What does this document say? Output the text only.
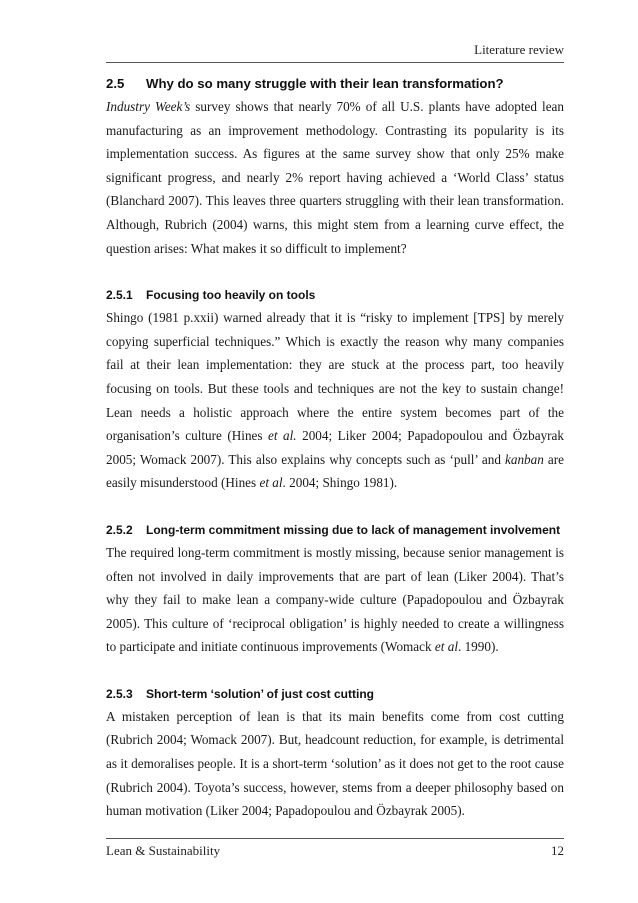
Literature review
2.5	Why do so many struggle with their lean transformation?

Industry Week’s survey shows that nearly 70% of all U.S. plants have adopted lean manufacturing as an improvement methodology. Contrasting its popularity is its implementation success. As figures at the same survey show that only 25% make significant progress, and nearly 2% report having achieved a ‘World Class’ status (Blanchard 2007). This leaves three quarters struggling with their lean transformation. Although, Rubrich (2004) warns, this might stem from a learning curve effect, the question arises: What makes it so difficult to implement?

2.5.1	Focusing too heavily on tools

Shingo (1981 p.xxii) warned already that it is “risky to implement [TPS] by merely copying superficial techniques.” Which is exactly the reason why many companies fail at their lean implementation: they are stuck at the process part, too heavily focusing on tools. But these tools and techniques are not the key to sustain change! Lean needs a holistic approach where the entire system becomes part of the organisation’s culture (Hines et al. 2004; Liker 2004; Papadopoulou and Özbayrak 2005; Womack 2007). This also explains why concepts such as ‘pull’ and kanban are easily misunderstood (Hines et al. 2004; Shingo 1981).

2.5.2	Long-term commitment missing due to lack of management involvement

The required long-term commitment is mostly missing, because senior management is often not involved in daily improvements that are part of lean (Liker 2004). That’s why they fail to make lean a company-wide culture (Papadopoulou and Özbayrak 2005). This culture of ‘reciprocal obligation’ is highly needed to create a willingness to participate and initiate continuous improvements (Womack et al. 1990).

2.5.3	Short-term ‘solution’ of just cost cutting

A mistaken perception of lean is that its main benefits come from cost cutting (Rubrich 2004; Womack 2007). But, headcount reduction, for example, is detrimental as it demoralises people. It is a short-term ‘solution’ as it does not get to the root cause (Rubrich 2004). Toyota’s success, however, stems from a deeper philosophy based on human motivation (Liker 2004; Papadopoulou and Özbayrak 2005).

Lean & Sustainability	12
